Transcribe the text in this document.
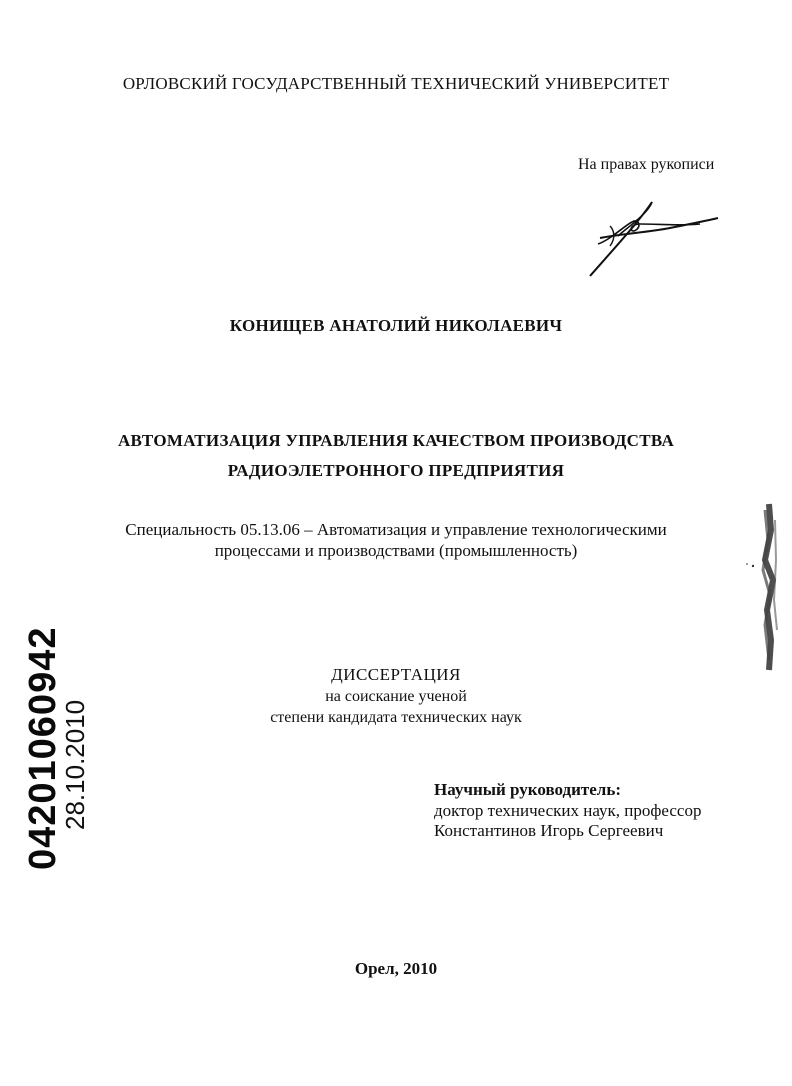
ОРЛОВСКИЙ ГОСУДАРСТВЕННЫЙ ТЕХНИЧЕСКИЙ УНИВЕРСИТЕТ
На правах рукописи
КОНИЩЕВ АНАТОЛИЙ НИКОЛАЕВИЧ
АВТОМАТИЗАЦИЯ УПРАВЛЕНИЯ КАЧЕСТВОМ ПРОИЗВОДСТВА
РАДИОЭЛЕТРОННОГО ПРЕДПРИЯТИЯ
Специальность 05.13.06 – Автоматизация и управление технологическими
процессами и производствами (промышленность)
ДИССЕРТАЦИЯ
на соискание ученой
степени кандидата технических наук
Научный руководитель:
доктор технических наук, профессор
Константинов Игорь Сергеевич
Орел, 2010
04201060942
28.10.2010
